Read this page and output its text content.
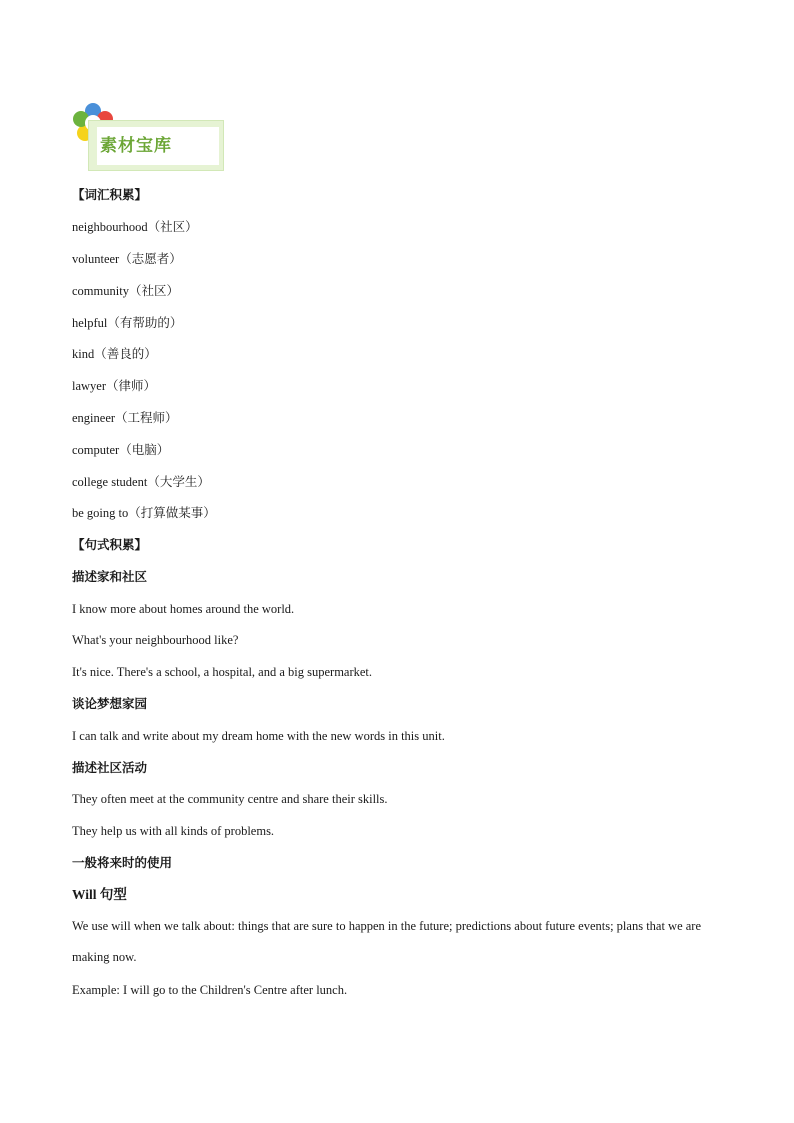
素材宝库
【词汇积累】
neighbourhood（社区）
volunteer（志愿者）
community（社区）
helpful（有帮助的）
kind（善良的）
lawyer（律师）
engineer（工程师）
computer（电脑）
college student（大学生）
be going to（打算做某事）
【句式积累】
描述家和社区
I know more about homes around the world.
What's your neighbourhood like?
It's nice. There's a school, a hospital, and a big supermarket.
谈论梦想家园
I can talk and write about my dream home with the new words in this unit.
描述社区活动
They often meet at the community centre and share their skills.
They help us with all kinds of problems.
一般将来时的使用
Will 句型
We use will when we talk about: things that are sure to happen in the future; predictions about future events; plans that we are making now.
Example: I will go to the Children's Centre after lunch.
